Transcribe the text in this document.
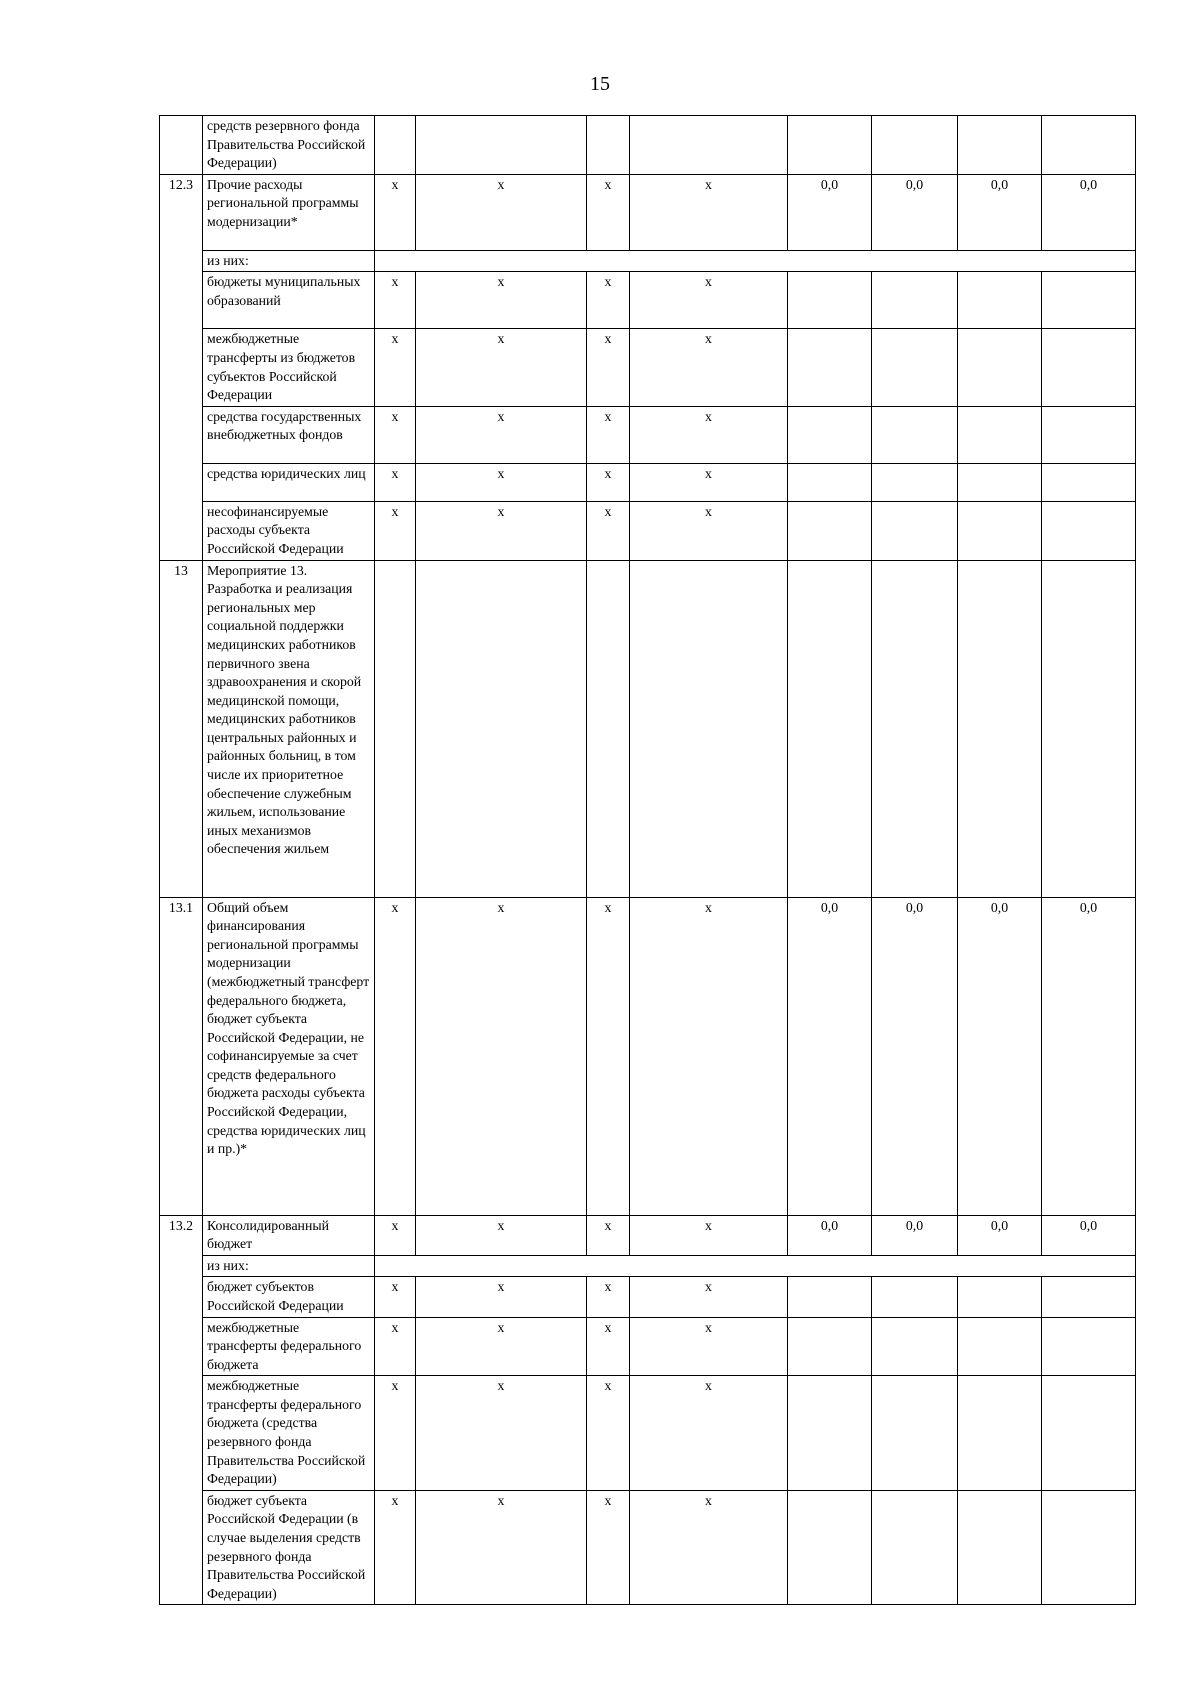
15
	средств резервного фонда Правительства Российской Федерации)										
12.3	Прочие расходы региональной программы модернизации*	x	x	x	x	0,0	0,0	0,0	0,0		
	из них:									
	бюджеты муниципальных образований	x	x	x	x						
	межбюджетные трансферты из бюджетов субъектов Российской Федерации	x	x	x	x						
	средства государственных внебюджетных фондов	x	x	x	x						
	средства юридических лиц	x	x	x	x						
	несофинансируемые расходы субъекта Российской Федерации	x	x	x	x						
13	Мероприятие 13. Разработка и реализация региональных мер социальной поддержки медицинских работников первичного звена здравоохранения и скорой медицинской помощи, медицинских работников центральных районных и районных больниц, в том числе их приоритетное обеспечение служебным жильем, использование иных механизмов обеспечения жильем										
13.1	Общий объем финансирования региональной программы модернизации (межбюджетный трансферт федерального бюджета, бюджет субъекта Российской Федерации, не софинансируемые за счет средств федерального бюджета расходы субъекта Российской Федерации, средства юридических лиц и пр.)*	x	x	x	x	0,0	0,0	0,0	0,0		
13.2	Консолидированный бюджет	x	x	x	x	0,0	0,0	0,0	0,0		
	из них:									
	бюджет субъектов Российской Федерации	x	x	x	x						
	межбюджетные трансферты федерального бюджета	x	x	x	x						
	межбюджетные трансферты федерального бюджета (средства резервного фонда Правительства Российской Федерации)	x	x	x	x						
	бюджет субъекта Российской Федерации (в случае выделения средств резервного фонда Правительства Российской Федерации)	x	x	x	x						
